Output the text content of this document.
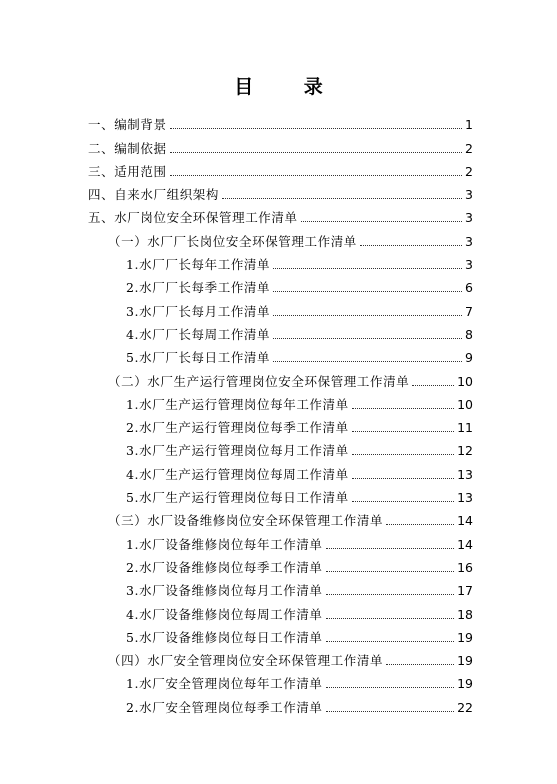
目 录
一、编制背景	1
二、编制依据	2
三、适用范围	2
四、自来水厂组织架构	3
五、水厂岗位安全环保管理工作清单	3
（一）水厂厂长岗位安全环保管理工作清单	3
1.水厂厂长每年工作清单	3
2.水厂厂长每季工作清单	6
3.水厂厂长每月工作清单	7
4.水厂厂长每周工作清单	8
5.水厂厂长每日工作清单	9
（二）水厂生产运行管理岗位安全环保管理工作清单	10
1.水厂生产运行管理岗位每年工作清单	10
2.水厂生产运行管理岗位每季工作清单	11
3.水厂生产运行管理岗位每月工作清单	12
4.水厂生产运行管理岗位每周工作清单	13
5.水厂生产运行管理岗位每日工作清单	13
（三）水厂设备维修岗位安全环保管理工作清单	14
1.水厂设备维修岗位每年工作清单	14
2.水厂设备维修岗位每季工作清单	16
3.水厂设备维修岗位每月工作清单	17
4.水厂设备维修岗位每周工作清单	18
5.水厂设备维修岗位每日工作清单	19
（四）水厂安全管理岗位安全环保管理工作清单	19
1.水厂安全管理岗位每年工作清单	19
2.水厂安全管理岗位每季工作清单	22
